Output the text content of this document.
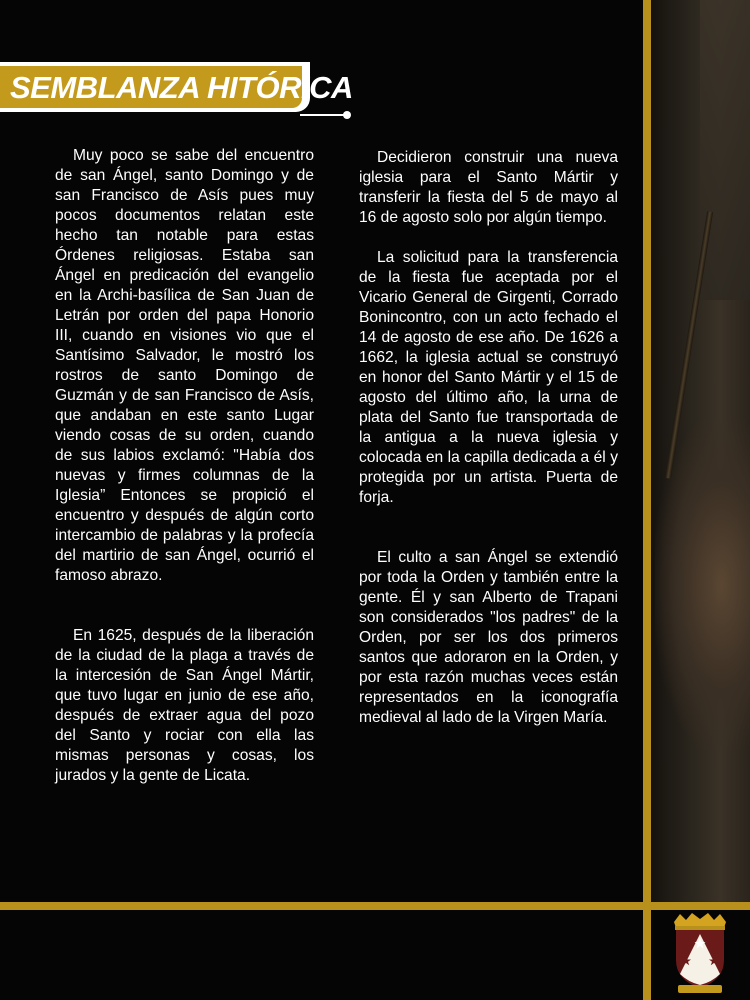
SEMBLANZA HITÓRICA

Muy poco se sabe del encuentro de san Ángel, santo Domingo y de san Francisco de Asís pues muy pocos documentos relatan este hecho tan notable para estas Órdenes religiosas. Estaba san Ángel en predicación del evangelio en la Archi-basílica de San Juan de Letrán por orden del papa Honorio III, cuando en visiones vio que el Santísimo Salvador, le mostró los rostros de santo Domingo de Guzmán y de san Francisco de Asís, que andaban en este santo Lugar viendo cosas de su orden, cuando de sus labios exclamó: "Había dos nuevas y firmes columnas de la Iglesia” Entonces se propició el encuentro y después de algún corto intercambio de palabras y la profecía del martirio de san Ángel, ocurrió el famoso abrazo.

En 1625, después de la liberación de la ciudad de la plaga a través de la intercesión de San Ángel Mártir, que tuvo lugar en junio de ese año, después de extraer agua del pozo del Santo y rociar con ella las mismas personas y cosas, los jurados y la gente de Licata.

Decidieron construir una nueva iglesia para el Santo Mártir y transferir la fiesta del 5 de mayo al 16 de agosto solo por algún tiempo.

La solicitud para la transferencia de la fiesta fue aceptada por el Vicario General de Girgenti, Corrado Bonincontro, con un acto fechado el 14 de agosto de ese año. De 1626 a 1662, la iglesia actual se construyó en honor del Santo Mártir y el 15 de agosto del último año, la urna de plata del Santo fue transportada de la antigua a la nueva iglesia y colocada en la capilla dedicada a él y protegida por un artista. Puerta de forja.

El culto a san Ángel se extendió por toda la Orden y también entre la gente. Él y san Alberto de Trapani son considerados "los padres" de la Orden, por ser los dos primeros santos que adoraron en la Orden, y por esta razón muchas veces están representados en la iconografía medieval al lado de la Virgen María.
